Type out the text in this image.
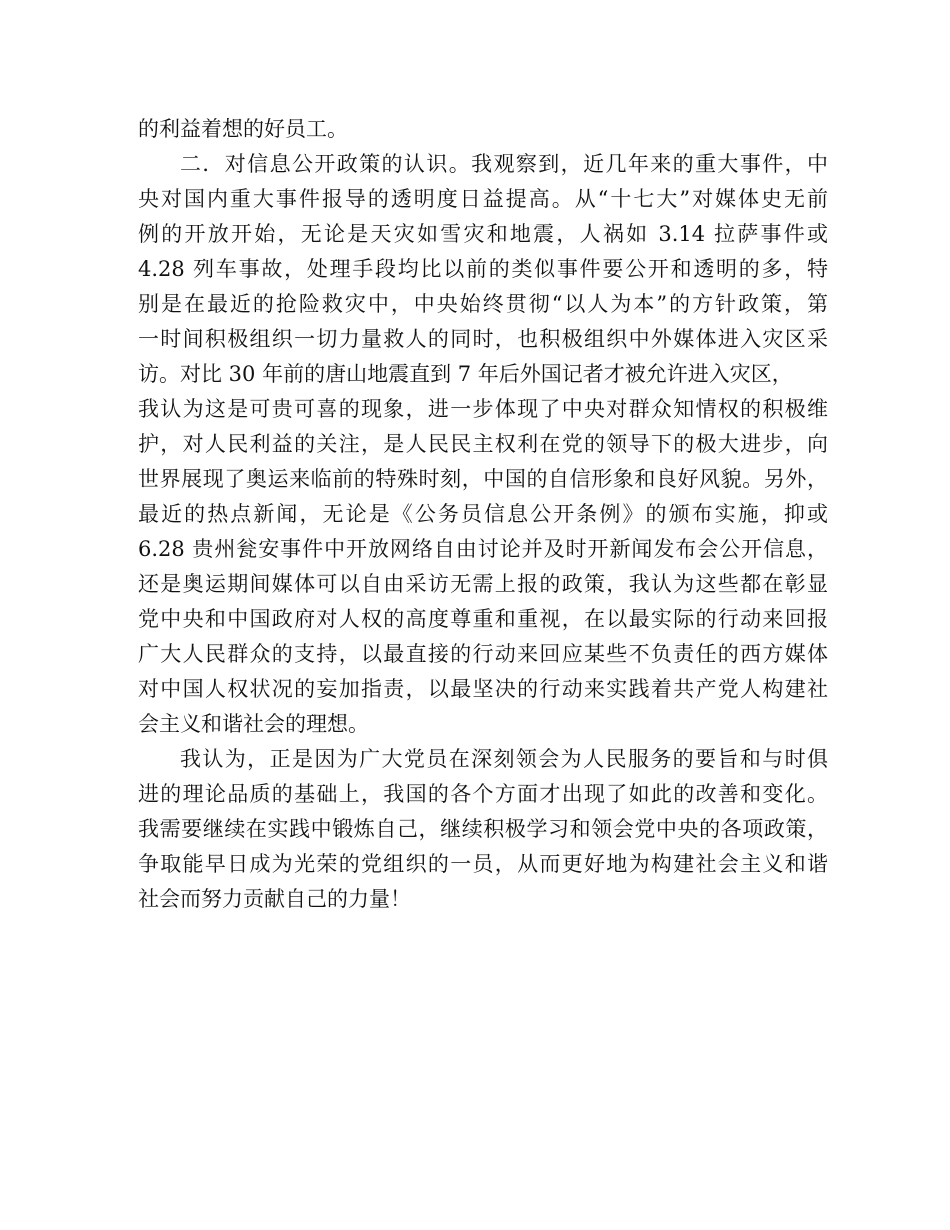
的利益着想的好员工。
二．对信息公开政策的认识。我观察到，近几年来的重大事件，中
央对国内重大事件报导的透明度日益提高。从“十七大”对媒体史无前
例的开放开始，无论是天灾如雪灾和地震，人祸如 3.14 拉萨事件或
4.28 列车事故，处理手段均比以前的类似事件要公开和透明的多，特
别是在最近的抢险救灾中，中央始终贯彻“以人为本”的方针政策，第
一时间积极组织一切力量救人的同时，也积极组织中外媒体进入灾区采
访。对比 30 年前的唐山地震直到 7 年后外国记者才被允许进入灾区，
我认为这是可贵可喜的现象，进一步体现了中央对群众知情权的积极维
护，对人民利益的关注，是人民民主权利在党的领导下的极大进步，向
世界展现了奥运来临前的特殊时刻，中国的自信形象和良好风貌。另外，
最近的热点新闻，无论是《公务员信息公开条例》的颁布实施，抑或
6.28 贵州瓮安事件中开放网络自由讨论并及时开新闻发布会公开信息，
还是奥运期间媒体可以自由采访无需上报的政策，我认为这些都在彰显
党中央和中国政府对人权的高度尊重和重视，在以最实际的行动来回报
广大人民群众的支持，以最直接的行动来回应某些不负责任的西方媒体
对中国人权状况的妄加指责，以最坚决的行动来实践着共产党人构建社
会主义和谐社会的理想。
我认为，正是因为广大党员在深刻领会为人民服务的要旨和与时俱
进的理论品质的基础上，我国的各个方面才出现了如此的改善和变化。
我需要继续在实践中锻炼自己，继续积极学习和领会党中央的各项政策，
争取能早日成为光荣的党组织的一员，从而更好地为构建社会主义和谐
社会而努力贡献自己的力量！
